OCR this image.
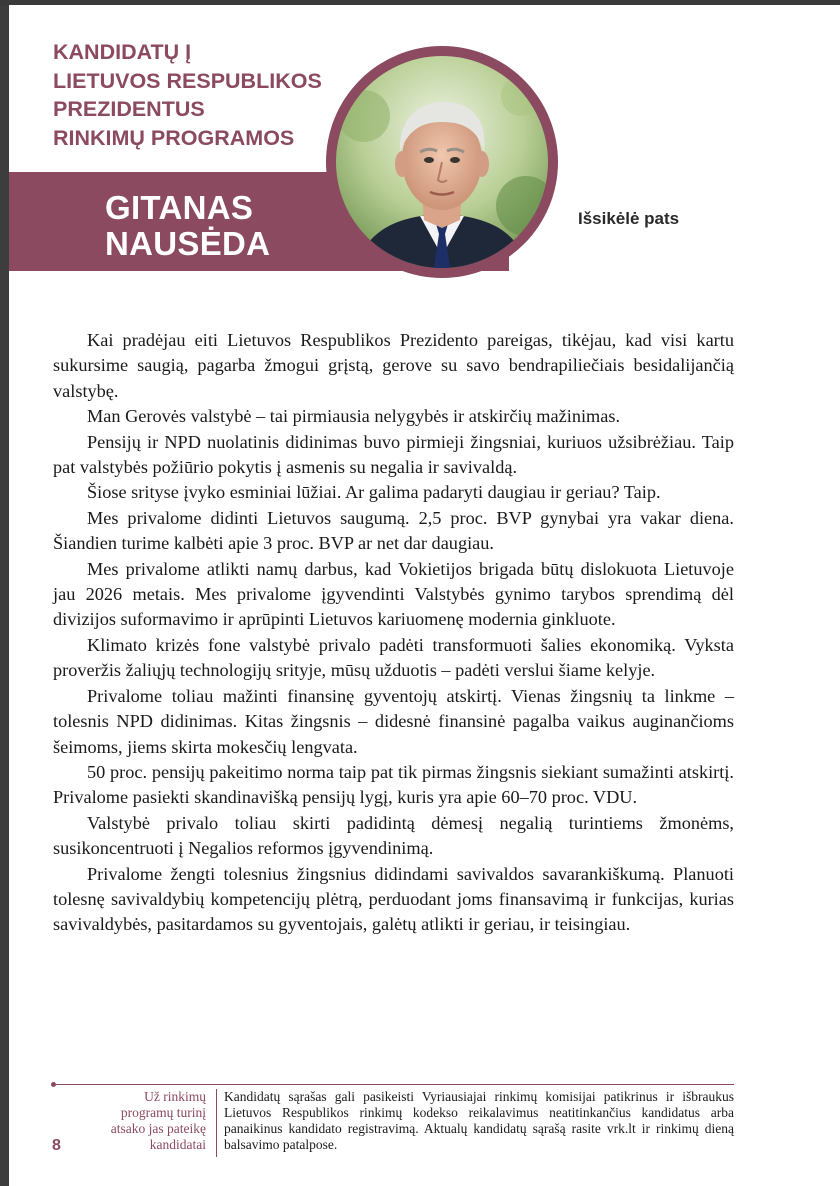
KANDIDATŲ Į
LIETUVOS RESPUBLIKOS
PREZIDENTUS
RINKIMŲ PROGRAMOS
GITANAS
NAUSĖDA
Išsikėlė pats

Kai pradėjau eiti Lietuvos Respublikos Prezidento pareigas, tikėjau, kad visi kartu sukursime saugią, pagarba žmogui grįstą, gerove su savo bendrapiliečiais besidalijančią valstybę.

Man Gerovės valstybė – tai pirmiausia nelygybės ir atskirčių mažinimas.

Pensijų ir NPD nuolatinis didinimas buvo pirmieji žingsniai, kuriuos užsibrėžiau. Taip pat valstybės požiūrio pokytis į asmenis su negalia ir savivaldą.

Šiose srityse įvyko esminiai lūžiai. Ar galima padaryti daugiau ir geriau? Taip.

Mes privalome didinti Lietuvos saugumą. 2,5 proc. BVP gynybai yra vakar diena. Šiandien turime kalbėti apie 3 proc. BVP ar net dar daugiau.

Mes privalome atlikti namų darbus, kad Vokietijos brigada būtų dislokuota Lietuvoje jau 2026 metais. Mes privalome įgyvendinti Valstybės gynimo tarybos sprendimą dėl divizijos suformavimo ir aprūpinti Lietuvos kariuomenę modernia ginkluote.

Klimato krizės fone valstybė privalo padėti transformuoti šalies ekonomiką. Vyksta proveržis žaliųjų technologijų srityje, mūsų užduotis – padėti verslui šiame kelyje.

Privalome toliau mažinti finansinę gyventojų atskirtį. Vienas žingsnių ta linkme – tolesnis NPD didinimas. Kitas žingsnis – didesnė finansinė pagalba vaikus auginančioms šeimoms, jiems skirta mokesčių lengvata.

50 proc. pensijų pakeitimo norma taip pat tik pirmas žingsnis siekiant sumažinti atskirtį. Privalome pasiekti skandinavišką pensijų lygį, kuris yra apie 60–70 proc. VDU.

Valstybė privalo toliau skirti padidintą dėmesį negalią turintiems žmonėms, susikoncentruoti į Negalios reformos įgyvendinimą.

Privalome žengti tolesnius žingsnius didindami savivaldos savarankiškumą. Planuoti tolesnę savivaldybių kompetencijų plėtrą, perduodant joms finansavimą ir funkcijas, kurias savivaldybės, pasitardamos su gyventojais, galėtų atlikti ir geriau, ir teisingiau.

Už rinkimų
programų turinį
atsako jas pateikę
kandidatai
8
Kandidatų sąrašas gali pasikeisti Vyriausiajai rinkimų komisijai patikrinus ir išbraukus Lietuvos Respublikos rinkimų kodekso reikalavimus neatitinkančius kandidatus arba panaikinus kandidato registravimą. Aktualų kandidatų sąrašą rasite vrk.lt ir rinkimų dieną balsavimo patalpose.
